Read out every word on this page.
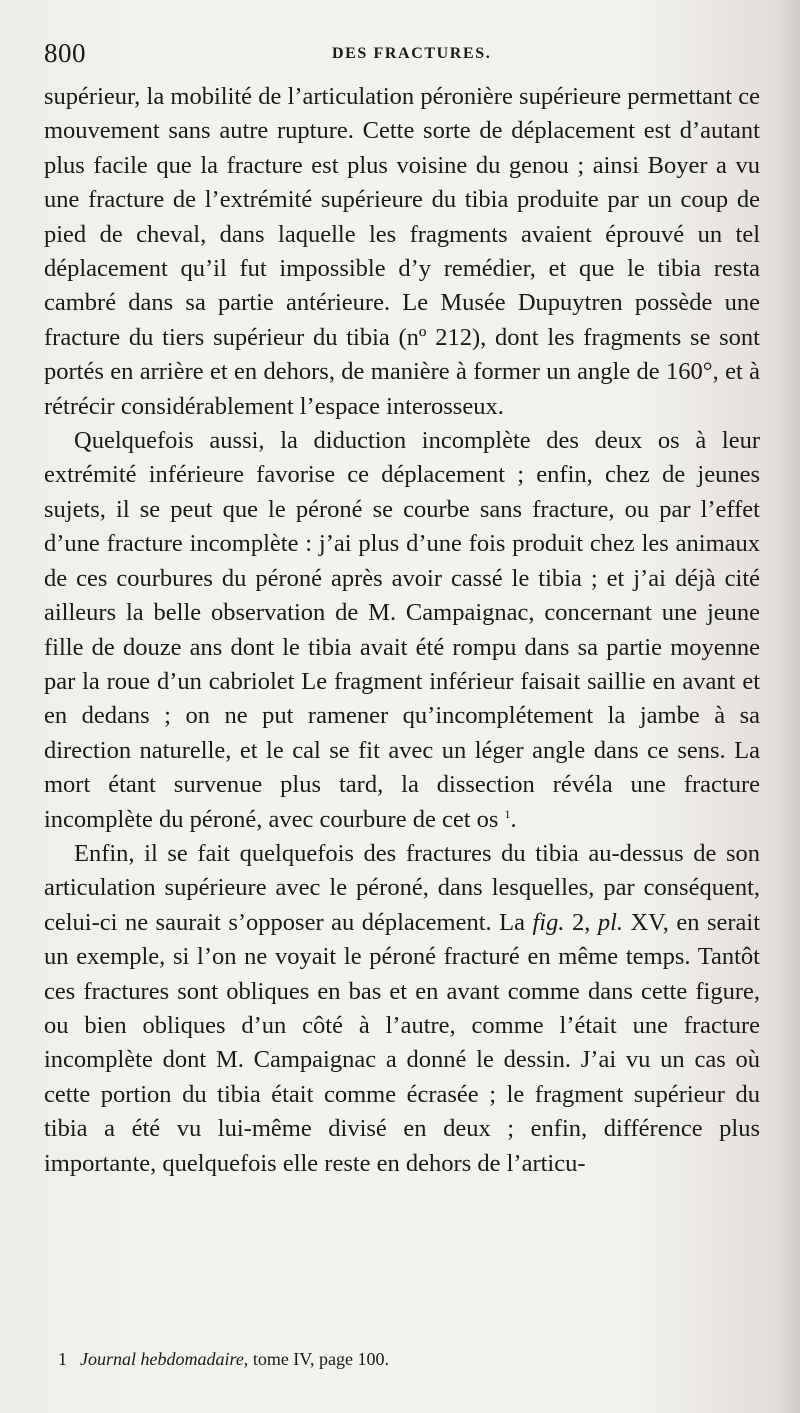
800	DES FRACTURES.

supérieur, la mobilité de l’articulation péronière supérieure permettant ce mouvement sans autre rupture. Cette sorte de déplacement est d’autant plus facile que la fracture est plus voisine du genou ; ainsi Boyer a vu une fracture de l’extrémité supérieure du tibia produite par un coup de pied de cheval, dans laquelle les fragments avaient éprouvé un tel déplacement qu’il fut impossible d’y remédier, et que le tibia resta cambré dans sa partie antérieure. Le Musée Dupuytren possède une fracture du tiers supérieur du tibia (nº 212), dont les fragments se sont portés en arrière et en dehors, de manière à former un angle de 160°, et à rétrécir considérablement l’espace interosseux.

Quelquefois aussi, la diduction incomplète des deux os à leur extrémité inférieure favorise ce déplacement ; enfin, chez de jeunes sujets, il se peut que le péroné se courbe sans fracture, ou par l’effet d’une fracture incomplète : j’ai plus d’une fois produit chez les animaux de ces courbures du péroné après avoir cassé le tibia ; et j’ai déjà cité ailleurs la belle observation de M. Campaignac, concernant une jeune fille de douze ans dont le tibia avait été rompu dans sa partie moyenne par la roue d’un cabriolet Le fragment inférieur faisait saillie en avant et en dedans ; on ne put ramener qu’incomplétement la jambe à sa direction naturelle, et le cal se fit avec un léger angle dans ce sens. La mort étant survenue plus tard, la dissection révéla une fracture incomplète du péroné, avec courbure de cet os $^1$.

Enfin, il se fait quelquefois des fractures du tibia au-dessus de son articulation supérieure avec le péroné, dans lesquelles, par conséquent, celui-ci ne saurait s’opposer au déplacement. La fig. 2, pl. XV, en serait un exemple, si l’on ne voyait le péroné fracturé en même temps. Tantôt ces fractures sont obliques en bas et en avant comme dans cette figure, ou bien obliques d’un côté à l’autre, comme l’était une fracture incomplète dont M. Campaignac a donné le dessin. J’ai vu un cas où cette portion du tibia était comme écrasée ; le fragment supérieur du tibia a été vu lui-même divisé en deux ; enfin, différence plus importante, quelquefois elle reste en dehors de l’articu-

1 Journal hebdomadaire, tome IV, page 100.
